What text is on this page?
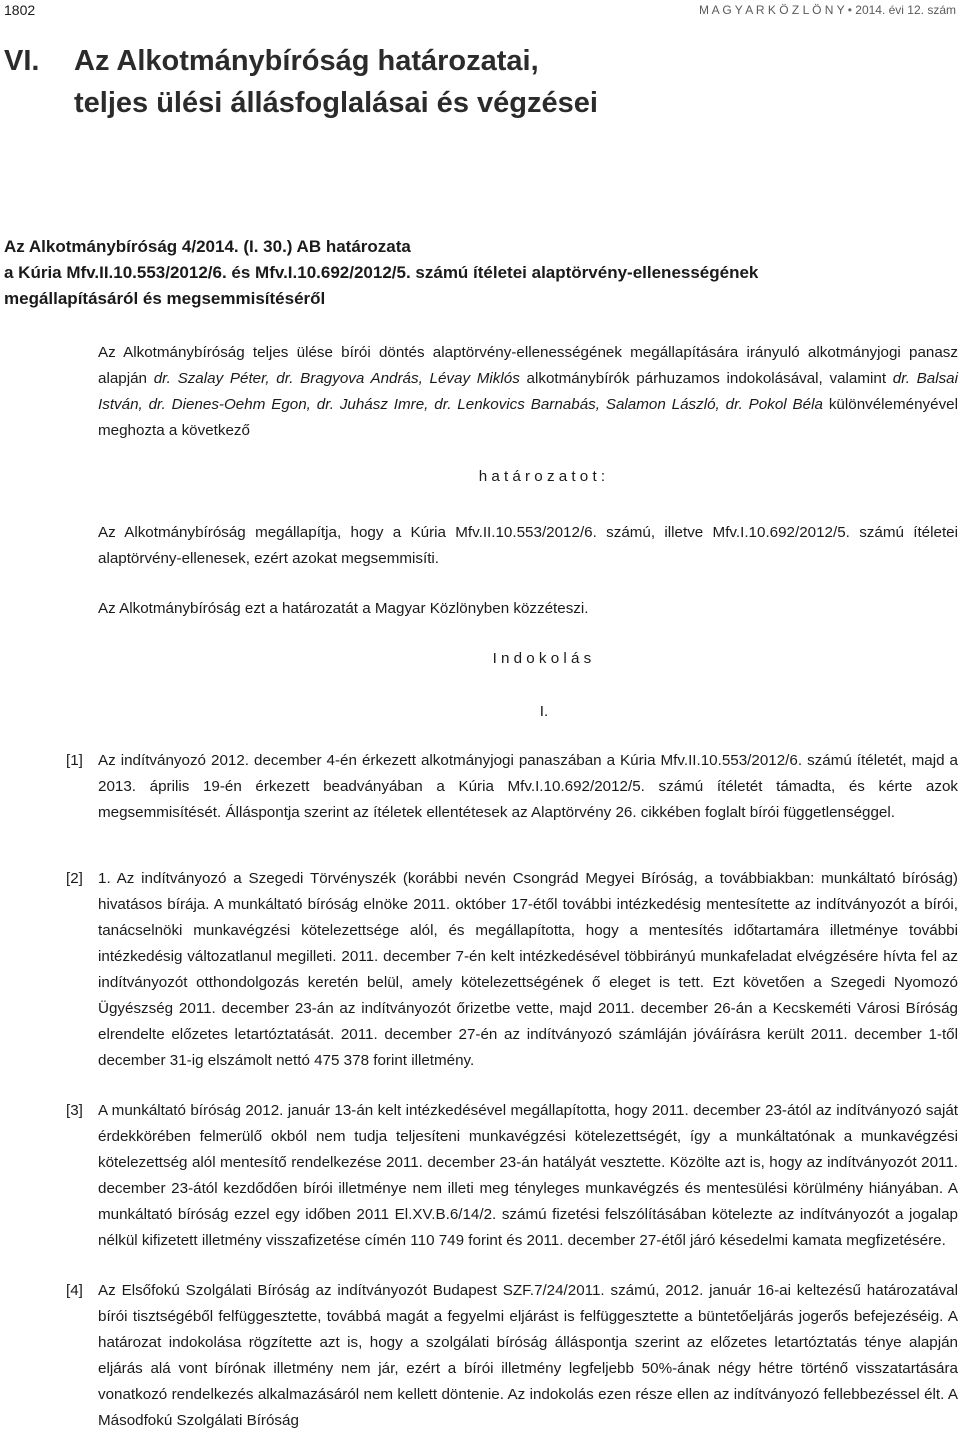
1802	M A G Y A R K Ö Z L Ö N Y • 2014. évi 12. szám
VI. Az Alkotmánybíróság határozatai,
teljes ülési állásfoglalásai és végzései
Az Alkotmánybíróság 4/2014. (I. 30.) AB határozata
a Kúria Mfv.II.10.553/2012/6. és Mfv.I.10.692/2012/5. számú ítéletei alaptörvény-ellenességének
megállapításáról és megsemmisítéséről

Az Alkotmánybíróság teljes ülése bírói döntés alaptörvény-ellenességének megállapítására irányuló alkotmányjogi panasz alapján dr. Szalay Péter, dr. Bragyova András, Lévay Miklós alkotmánybírók párhuzamos indokolásával, valamint dr. Balsai István, dr. Dienes-Oehm Egon, dr. Juhász Imre, dr. Lenkovics Barnabás, Salamon László, dr. Pokol Béla különvéleményével meghozta a következő

határozatot:

Az Alkotmánybíróság megállapítja, hogy a Kúria Mfv.II.10.553/2012/6. számú, illetve Mfv.I.10.692/2012/5. számú ítéletei alaptörvény-ellenesek, ezért azokat megsemmisíti.

Az Alkotmánybíróság ezt a határozatát a Magyar Közlönyben közzéteszi.

Indokolás
I.
[1] Az indítványozó 2012. december 4-én érkezett alkotmányjogi panaszában a Kúria Mfv.II.10.553/2012/6. számú ítéletét, majd a 2013. április 19-én érkezett beadványában a Kúria Mfv.I.10.692/2012/5. számú ítéletét támadta, és kérte azok megsemmisítését. Álláspontja szerint az ítéletek ellentétesek az Alaptörvény 26. cikkében foglalt bírói függetlenséggel.

[2] 1. Az indítványozó a Szegedi Törvényszék (korábbi nevén Csongrád Megyei Bíróság, a továbbiakban: munkáltató bíróság) hivatásos bírája. A munkáltató bíróság elnöke 2011. október 17-étől további intézkedésig mentesítette az indítványozót a bírói, tanácselnöki munkavégzési kötelezettsége alól, és megállapította, hogy a mentesítés időtartamára illetménye további intézkedésig változatlanul megilleti. 2011. december 7-én kelt intézkedésével többirányú munkafeladat elvégzésére hívta fel az indítványozót otthondolgozás keretén belül, amely kötelezettségének ő eleget is tett. Ezt követően a Szegedi Nyomozó Ügyészség 2011. december 23-án az indítványozót őrizetbe vette, majd 2011. december 26-án a Kecskeméti Városi Bíróság elrendelte előzetes letartóztatását. 2011. december 27-én az indítványozó számláján jóváírásra került 2011. december 1-től december 31-ig elszámolt nettó 475 378 forint illetmény.

[3] A munkáltató bíróság 2012. január 13-án kelt intézkedésével megállapította, hogy 2011. december 23-ától az indítványozó saját érdekkörében felmerülő okból nem tudja teljesíteni munkavégzési kötelezettségét, így a munkáltatónak a munkavégzési kötelezettség alól mentesítő rendelkezése 2011. december 23-án hatályát vesztette. Közölte azt is, hogy az indítványozót 2011. december 23-ától kezdődően bírói illetménye nem illeti meg tényleges munkavégzés és mentesülési körülmény hiányában. A munkáltató bíróság ezzel egy időben 2011 El.XV.B.6/14/2. számú fizetési felszólításában kötelezte az indítványozót a jogalap nélkül kifizetett illetmény visszafizetése címén 110 749 forint és 2011. december 27-étől járó késedelmi kamata megfizetésére.

[4] Az Elsőfokú Szolgálati Bíróság az indítványozót Budapest SZF.7/24/2011. számú, 2012. január 16-ai keltezésű határozatával bírói tisztségéből felfüggesztette, továbbá magát a fegyelmi eljárást is felfüggesztette a büntetőeljárás jogerős befejezéséig. A határozat indokolása rögzítette azt is, hogy a szolgálati bíróság álláspontja szerint az előzetes letartóztatás ténye alapján eljárás alá vont bírónak illetmény nem jár, ezért a bírói illetmény legfeljebb 50%-ának négy hétre történő visszatartására vonatkozó rendelkezés alkalmazásáról nem kellett döntenie. Az indokolás ezen része ellen az indítványozó fellebbezéssel élt. A Másodfokú Szolgálati Bíróság
